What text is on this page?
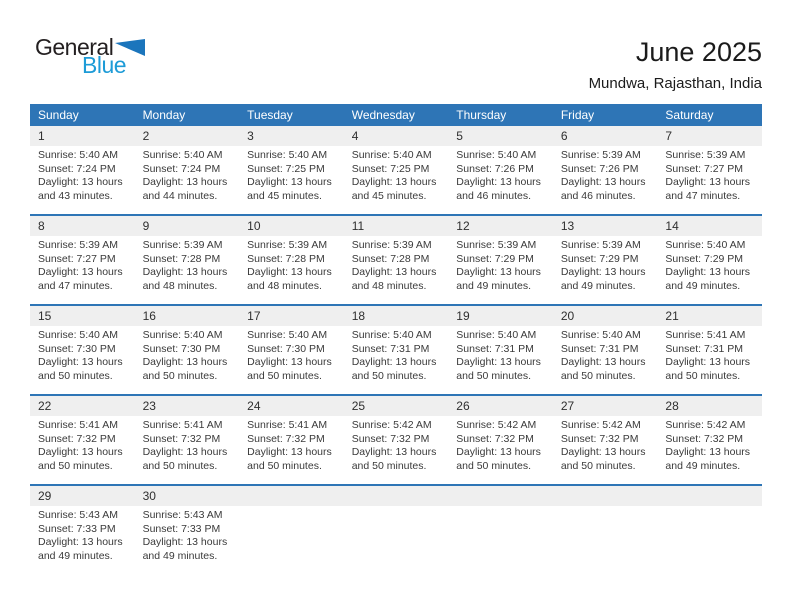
General
Blue	June 2025
Mundwa, Rajasthan, India
Sunday	Monday	Tuesday	Wednesday	Thursday	Friday	Saturday
1	2	3	4	5	6	7
Sunrise: 5:40 AM
Sunset: 7:24 PM
Daylight: 13 hours and 43 minutes.
Sunrise: 5:40 AM
Sunset: 7:24 PM
Daylight: 13 hours and 44 minutes.
Sunrise: 5:40 AM
Sunset: 7:25 PM
Daylight: 13 hours and 45 minutes.
Sunrise: 5:40 AM
Sunset: 7:25 PM
Daylight: 13 hours and 45 minutes.
Sunrise: 5:40 AM
Sunset: 7:26 PM
Daylight: 13 hours and 46 minutes.
Sunrise: 5:39 AM
Sunset: 7:26 PM
Daylight: 13 hours and 46 minutes.
Sunrise: 5:39 AM
Sunset: 7:27 PM
Daylight: 13 hours and 47 minutes.
8	9	10	11	12	13	14
Sunrise: 5:39 AM
Sunset: 7:27 PM
Daylight: 13 hours and 47 minutes.
Sunrise: 5:39 AM
Sunset: 7:28 PM
Daylight: 13 hours and 48 minutes.
Sunrise: 5:39 AM
Sunset: 7:28 PM
Daylight: 13 hours and 48 minutes.
Sunrise: 5:39 AM
Sunset: 7:28 PM
Daylight: 13 hours and 48 minutes.
Sunrise: 5:39 AM
Sunset: 7:29 PM
Daylight: 13 hours and 49 minutes.
Sunrise: 5:39 AM
Sunset: 7:29 PM
Daylight: 13 hours and 49 minutes.
Sunrise: 5:40 AM
Sunset: 7:29 PM
Daylight: 13 hours and 49 minutes.
15	16	17	18	19	20	21
Sunrise: 5:40 AM
Sunset: 7:30 PM
Daylight: 13 hours and 50 minutes.
Sunrise: 5:40 AM
Sunset: 7:30 PM
Daylight: 13 hours and 50 minutes.
Sunrise: 5:40 AM
Sunset: 7:30 PM
Daylight: 13 hours and 50 minutes.
Sunrise: 5:40 AM
Sunset: 7:31 PM
Daylight: 13 hours and 50 minutes.
Sunrise: 5:40 AM
Sunset: 7:31 PM
Daylight: 13 hours and 50 minutes.
Sunrise: 5:40 AM
Sunset: 7:31 PM
Daylight: 13 hours and 50 minutes.
Sunrise: 5:41 AM
Sunset: 7:31 PM
Daylight: 13 hours and 50 minutes.
22	23	24	25	26	27	28
Sunrise: 5:41 AM
Sunset: 7:32 PM
Daylight: 13 hours and 50 minutes.
Sunrise: 5:41 AM
Sunset: 7:32 PM
Daylight: 13 hours and 50 minutes.
Sunrise: 5:41 AM
Sunset: 7:32 PM
Daylight: 13 hours and 50 minutes.
Sunrise: 5:42 AM
Sunset: 7:32 PM
Daylight: 13 hours and 50 minutes.
Sunrise: 5:42 AM
Sunset: 7:32 PM
Daylight: 13 hours and 50 minutes.
Sunrise: 5:42 AM
Sunset: 7:32 PM
Daylight: 13 hours and 50 minutes.
Sunrise: 5:42 AM
Sunset: 7:32 PM
Daylight: 13 hours and 49 minutes.
29	30
Sunrise: 5:43 AM
Sunset: 7:33 PM
Daylight: 13 hours and 49 minutes.
Sunrise: 5:43 AM
Sunset: 7:33 PM
Daylight: 13 hours and 49 minutes.
